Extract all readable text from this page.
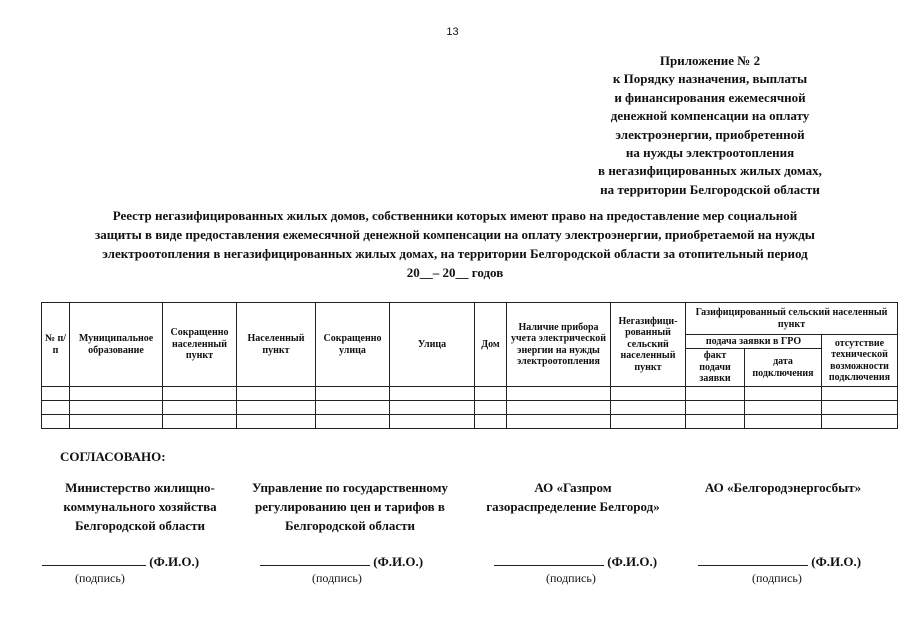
13
Приложение № 2
к Порядку назначения, выплаты
и финансирования ежемесячной
денежной компенсации на оплату
электроэнергии, приобретенной
на нужды электроотопления
в негазифицированных жилых домах,
на территории Белгородской области
Реестр негазифицированных жилых домов, собственники которых имеют право на предоставление мер социальной
защиты в виде предоставления ежемесячной денежной компенсации на оплату электроэнергии, приобретаемой на нужды
электроотопления в негазифицированных жилых домах, на территории Белгородской области за отопительный период
20__– 20__ годов
№ п/п	Муниципальное образование	Сокращенно населенный пункт	Населенный пункт	Сокращенно улица	Улица	Дом	Наличие прибора учета электрической энергии на нужды электроотопления	Негазифици-рованный сельский населенный пункт	Газифицированный сельский населенный пункт		
									подача заявки в ГРО		отсутствие технической возможности подключения
									факт подачи заявки	дата подключения	

СОГЛАСОВАНО:
Министерство жилищно-
коммунального хозяйства
Белгородской области
Управление по государственному
регулированию цен и тарифов в
Белгородской области
АО «Газпром
газораспределение Белгород»
АО «Белгородэнергосбыт»
(Ф.И.О.)
(подпись)
(Ф.И.О.)
(подпись)
(Ф.И.О.)
(подпись)
(Ф.И.О.)
(подпись)
